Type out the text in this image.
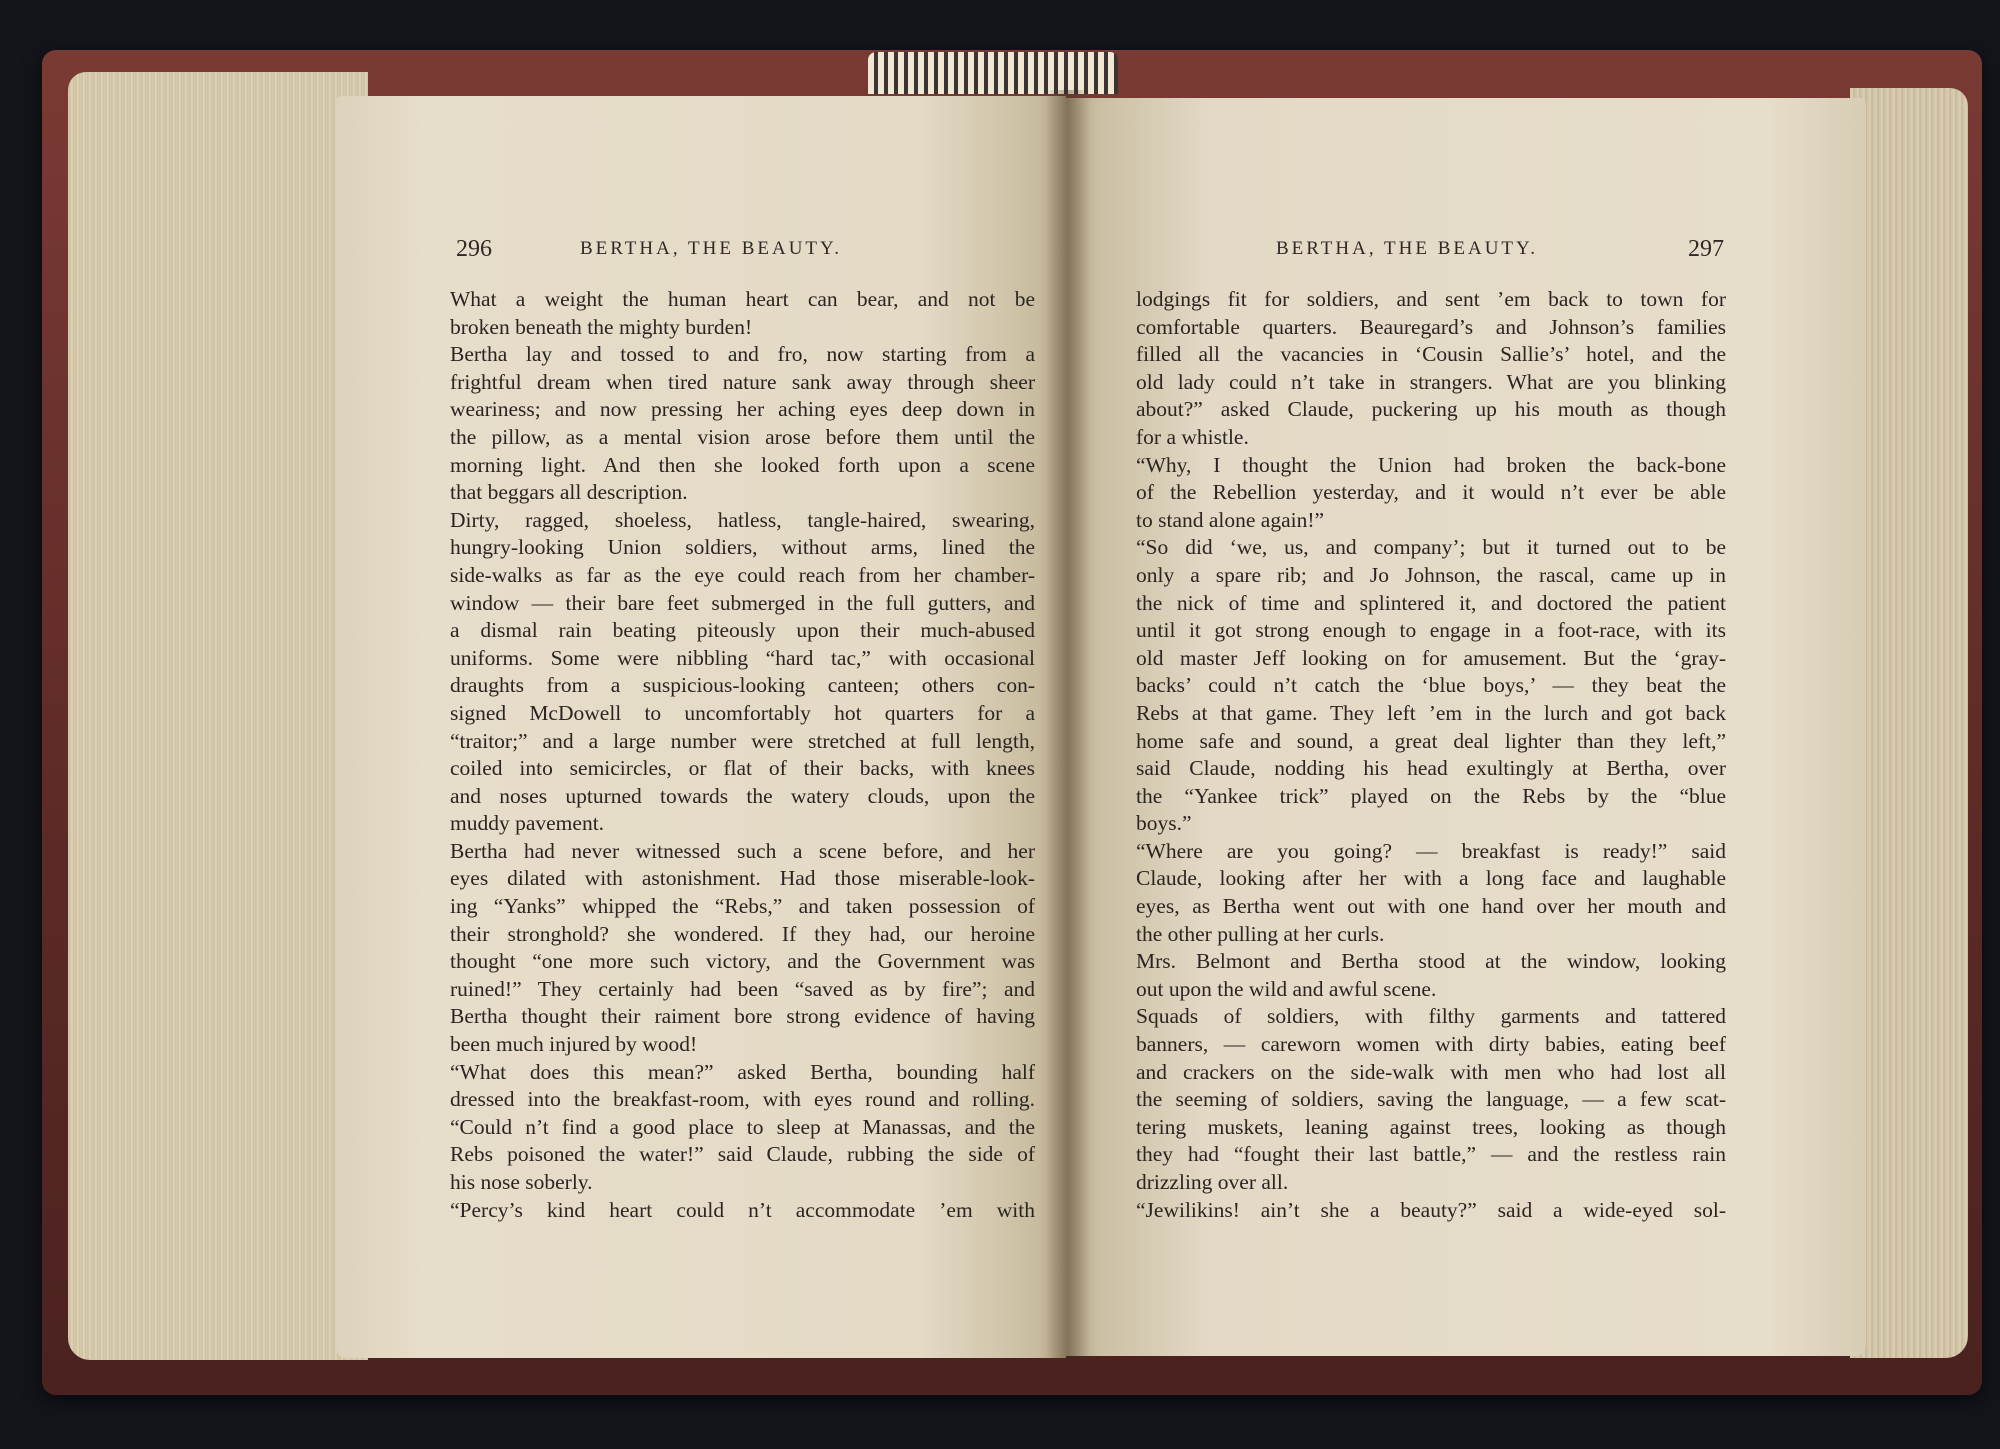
296	BERTHA, THE BEAUTY.	BERTHA, THE BEAUTY.	297
What a weight the human heart can bear, and not be
broken beneath the mighty burden!
Bertha lay and tossed to and fro, now starting from a
frightful dream when tired nature sank away through sheer
weariness; and now pressing her aching eyes deep down in
the pillow, as a mental vision arose before them until the
morning light. And then she looked forth upon a scene
that beggars all description.
Dirty, ragged, shoeless, hatless, tangle-haired, swearing,
hungry-looking Union soldiers, without arms, lined the
side-walks as far as the eye could reach from her chamber-
window — their bare feet submerged in the full gutters, and
a dismal rain beating piteously upon their much-abused
uniforms. Some were nibbling “hard tac,” with occasional
draughts from a suspicious-looking canteen; others con-
signed McDowell to uncomfortably hot quarters for a
“traitor;” and a large number were stretched at full length,
coiled into semicircles, or flat of their backs, with knees
and noses upturned towards the watery clouds, upon the
muddy pavement.
Bertha had never witnessed such a scene before, and her
eyes dilated with astonishment. Had those miserable-look-
ing “Yanks” whipped the “Rebs,” and taken possession of
their stronghold? she wondered. If they had, our heroine
thought “one more such victory, and the Government was
ruined!” They certainly had been “saved as by fire”; and
Bertha thought their raiment bore strong evidence of having
been much injured by wood!
“What does this mean?” asked Bertha, bounding half
dressed into the breakfast-room, with eyes round and rolling.
“Could n’t find a good place to sleep at Manassas, and the
Rebs poisoned the water!” said Claude, rubbing the side of
his nose soberly.
“Percy’s kind heart could n’t accommodate ’em with
lodgings fit for soldiers, and sent ’em back to town for
comfortable quarters. Beauregard’s and Johnson’s families
filled all the vacancies in ‘Cousin Sallie’s’ hotel, and the
old lady could n’t take in strangers. What are you blinking
about?” asked Claude, puckering up his mouth as though
for a whistle.
“Why, I thought the Union had broken the back-bone
of the Rebellion yesterday, and it would n’t ever be able
to stand alone again!”
“So did ‘we, us, and company’; but it turned out to be
only a spare rib; and Jo Johnson, the rascal, came up in
the nick of time and splintered it, and doctored the patient
until it got strong enough to engage in a foot-race, with its
old master Jeff looking on for amusement. But the ‘gray-
backs’ could n’t catch the ‘blue boys,’ — they beat the
Rebs at that game. They left ’em in the lurch and got back
home safe and sound, a great deal lighter than they left,”
said Claude, nodding his head exultingly at Bertha, over
the “Yankee trick” played on the Rebs by the “blue
boys.”
“Where are you going? — breakfast is ready!” said
Claude, looking after her with a long face and laughable
eyes, as Bertha went out with one hand over her mouth and
the other pulling at her curls.
Mrs. Belmont and Bertha stood at the window, looking
out upon the wild and awful scene.
Squads of soldiers, with filthy garments and tattered
banners, — careworn women with dirty babies, eating beef
and crackers on the side-walk with men who had lost all
the seeming of soldiers, saving the language, — a few scat-
tering muskets, leaning against trees, looking as though
they had “fought their last battle,” — and the restless rain
drizzling over all.
“Jewilikins! ain’t she a beauty?” said a wide-eyed sol-
